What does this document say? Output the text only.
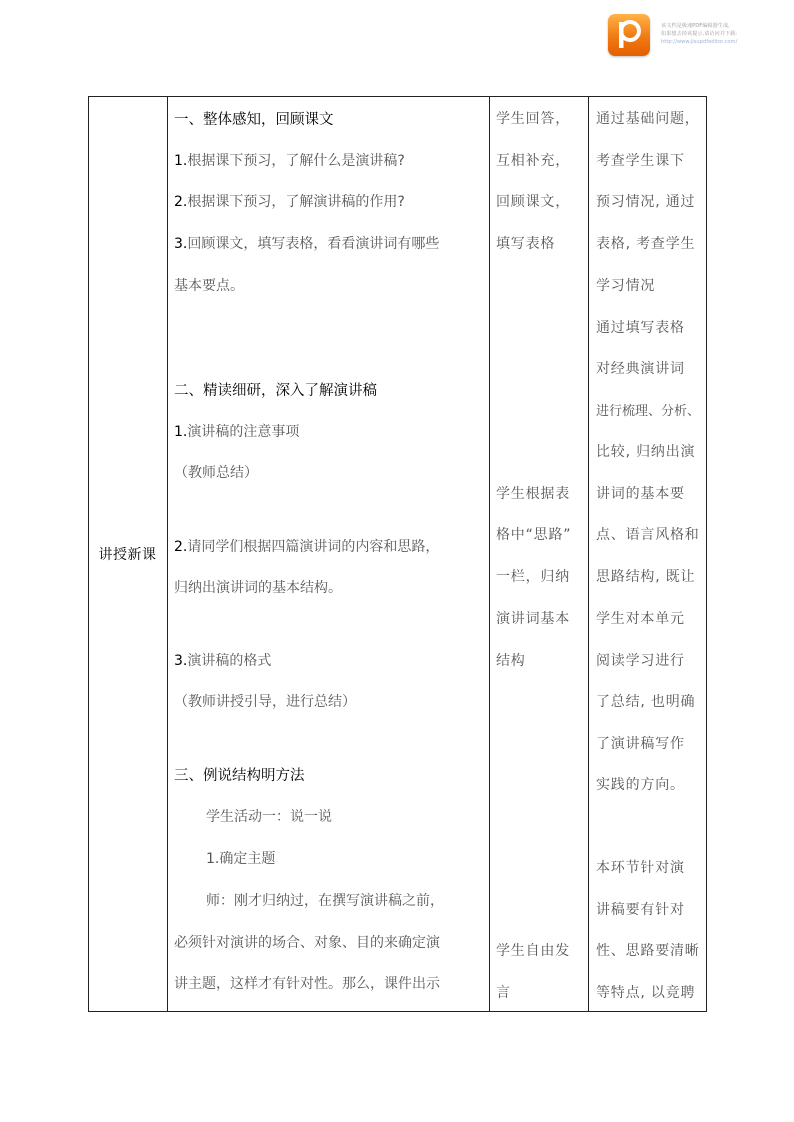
该文档是极速PDF编辑器生成,
如果想去掉该提示,请访问并下载:
http://www.jisupdfeditor.com/
讲授新课
一、整体感知，回顾课文
1.根据课下预习，了解什么是演讲稿?
2.根据课下预习，了解演讲稿的作用?
3.回顾课文，填写表格，看看演讲词有哪些
基本要点。
二、精读细研，深入了解演讲稿
1.演讲稿的注意事项
（教师总结）
2.请同学们根据四篇演讲词的内容和思路，
归纳出演讲词的基本结构。
3.演讲稿的格式
（教师讲授引导，进行总结）
三、例说结构明方法
学生活动一：说一说
1.确定主题
师：刚才归纳过，在撰写演讲稿之前，
必须针对演讲的场合、对象、目的来确定演
讲主题，这样才有针对性。那么，课件出示
学生回答，
互相补充，
回顾课文，
填写表格
学生根据表
格中“思路”
一栏，归纳
演讲词基本
结构
学生自由发
言
通过基础问题，
考查学生课下
预习情况, 通过
表格, 考查学生
学习情况
通过填写表格
对经典演讲词
进行梳理、分析、
比较, 归纳出演
讲词的基本要
点、语言风格和
思路结构, 既让
学生对本单元
阅读学习进行
了总结, 也明确
了演讲稿写作
实践的方向。
本环节针对演
讲稿要有针对
性、思路要清晰
等特点, 以竞聘
